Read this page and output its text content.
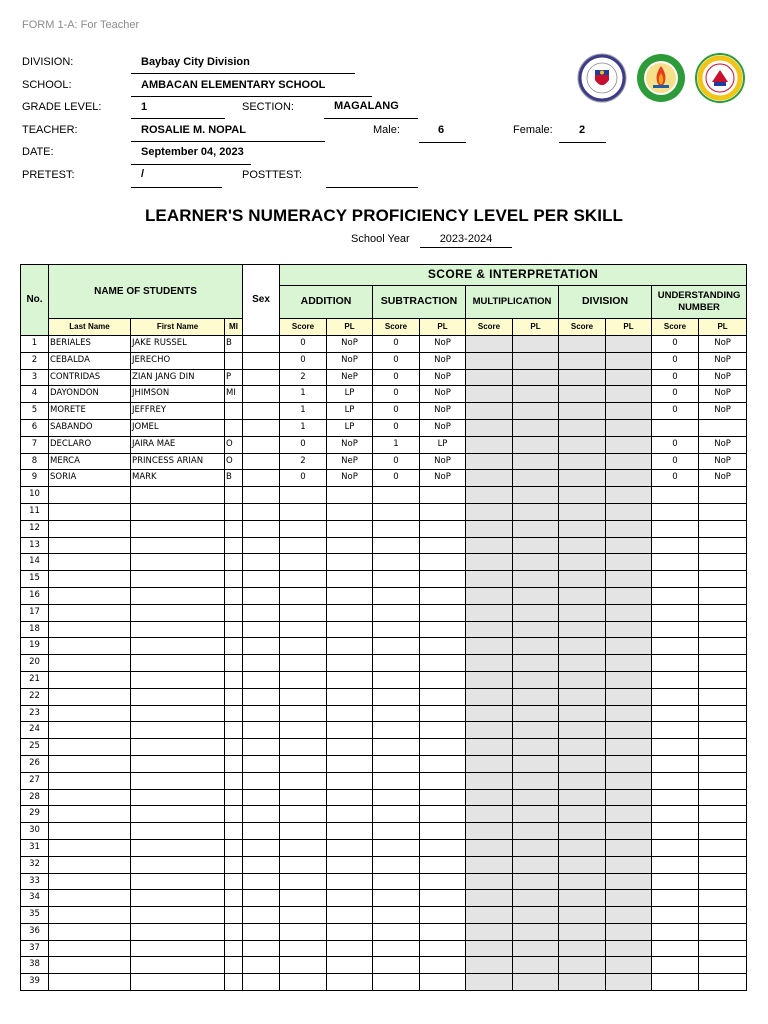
FORM 1-A: For Teacher
DIVISION:	Baybay City Division
SCHOOL:	AMBACAN ELEMENTARY SCHOOL
GRADE LEVEL:	1	SECTION:	MAGALANG
TEACHER:	ROSALIE M. NOPAL	Male:	6	Female: 2
DATE:	September 04, 2023
PRETEST:	/	POSTTEST:
LEARNER'S NUMERACY PROFICIENCY LEVEL PER SKILL
School Year	2023-2024
No.	NAME OF STUDENTS			Sex	SCORE & INTERPRETATION									
					ADDITION		SUBTRACTION		MULTIPLICATION		DIVISION		UNDERSTANDING NUMBER	
	Last Name	First Name	MI		Score	PL	Score	PL	Score	PL	Score	PL	Score	PL
1	BERIALES	JAKE RUSSEL	B		0	NoP	0	NoP					0	NoP
2	CEBALDA	JERECHO			0	NoP	0	NoP					0	NoP
3	CONTRIDAS	ZIAN JANG DIN	P		2	NeP	0	NoP					0	NoP
4	DAYONDON	JHIMSON	MI		1	LP	0	NoP					0	NoP
5	MORETE	JEFFREY			1	LP	0	NoP					0	NoP
6	SABANDO	JOMEL			1	LP	0	NoP						
7	DECLARO	JAIRA MAE	O		0	NoP	1	LP					0	NoP
8	MERCA	PRINCESS ARIAN	O		2	NeP	0	NoP					0	NoP
9	SORIA	MARK	B		0	NoP	0	NoP					0	NoP
10														
11														
12														
13														
14														
15														
16														
17														
18														
19														
20														
21														
22														
23														
24														
25														
26														
27														
28														
29														
30														
31														
32														
33														
34														
35														
36														
37														
38														
39														
